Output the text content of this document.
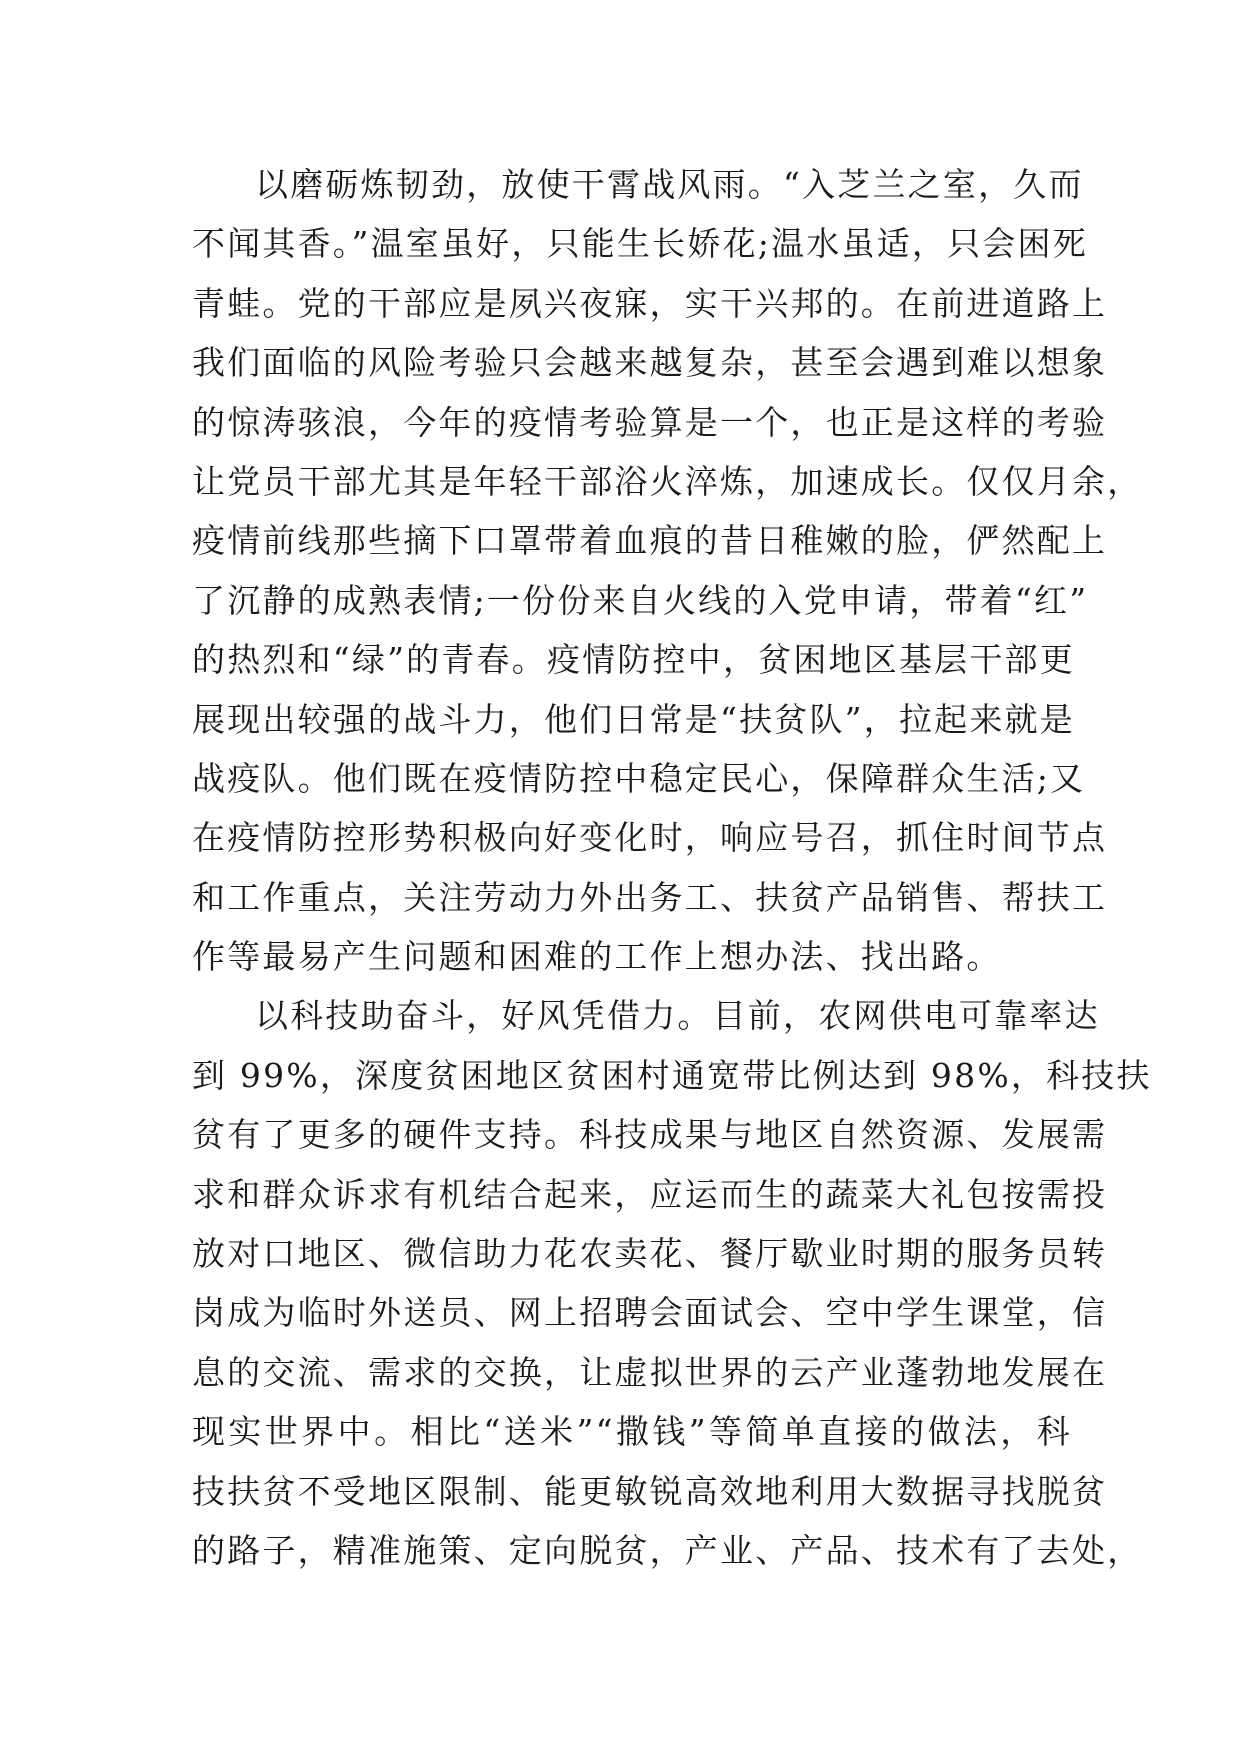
以磨砺炼韧劲，放使干霄战风雨。“入芝兰之室，久而
不闻其香。”温室虽好，只能生长娇花;温水虽适，只会困死
青蛙。党的干部应是夙兴夜寐，实干兴邦的。在前进道路上
我们面临的风险考验只会越来越复杂，甚至会遇到难以想象
的惊涛骇浪，今年的疫情考验算是一个，也正是这样的考验
让党员干部尤其是年轻干部浴火淬炼，加速成长。仅仅月余，
疫情前线那些摘下口罩带着血痕的昔日稚嫩的脸，俨然配上
了沉静的成熟表情;一份份来自火线的入党申请，带着“红”
的热烈和“绿”的青春。疫情防控中，贫困地区基层干部更
展现出较强的战斗力，他们日常是“扶贫队”，拉起来就是
战疫队。他们既在疫情防控中稳定民心，保障群众生活;又
在疫情防控形势积极向好变化时，响应号召，抓住时间节点
和工作重点，关注劳动力外出务工、扶贫产品销售、帮扶工
作等最易产生问题和困难的工作上想办法、找出路。
以科技助奋斗，好风凭借力。目前，农网供电可靠率达
到 99%，深度贫困地区贫困村通宽带比例达到 98%，科技扶
贫有了更多的硬件支持。科技成果与地区自然资源、发展需
求和群众诉求有机结合起来，应运而生的蔬菜大礼包按需投
放对口地区、微信助力花农卖花、餐厅歇业时期的服务员转
岗成为临时外送员、网上招聘会面试会、空中学生课堂，信
息的交流、需求的交换，让虚拟世界的云产业蓬勃地发展在
现实世界中。相比“送米”“撒钱”等简单直接的做法，科
技扶贫不受地区限制、能更敏锐高效地利用大数据寻找脱贫
的路子，精准施策、定向脱贫，产业、产品、技术有了去处，
